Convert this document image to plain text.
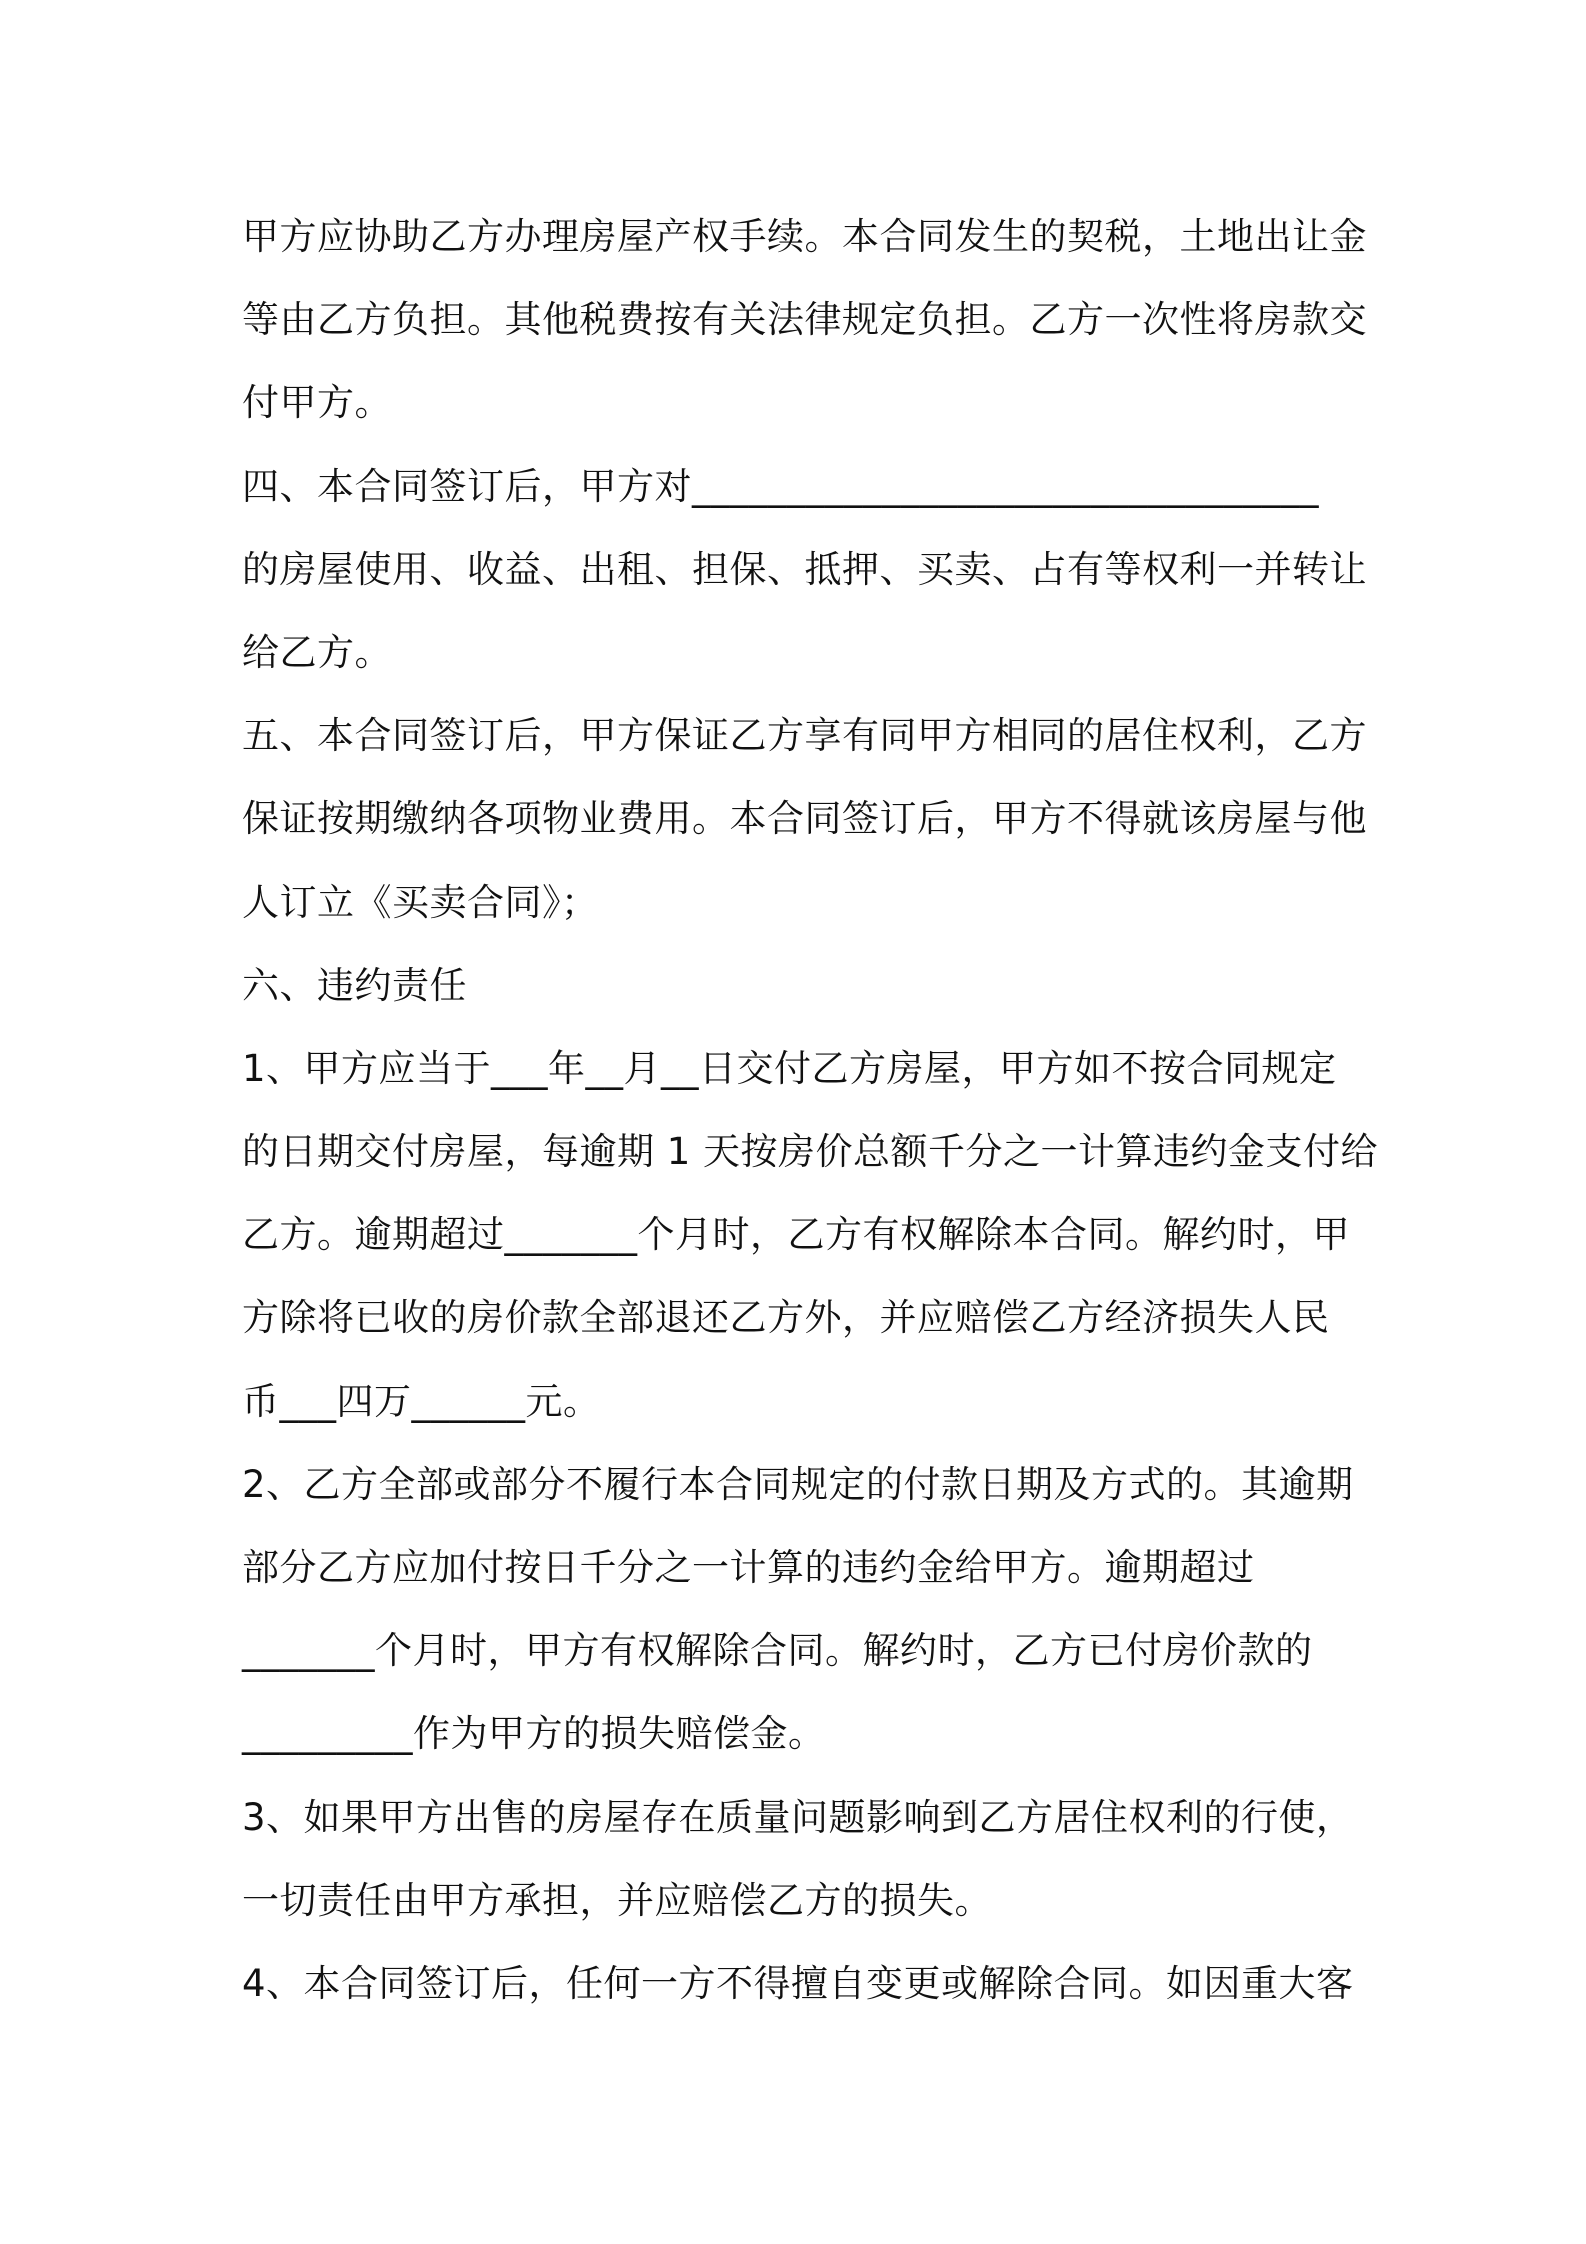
甲方应协助乙方办理房屋产权手续。本合同发生的契税，土地出让金
等由乙方负担。其他税费按有关法律规定负担。乙方一次性将房款交
付甲方。
四、本合同签订后，甲方对_________________________________
的房屋使用、收益、出租、担保、抵押、买卖、占有等权利一并转让
给乙方。
五、本合同签订后，甲方保证乙方享有同甲方相同的居住权利，乙方
保证按期缴纳各项物业费用。本合同签订后，甲方不得就该房屋与他
人订立《买卖合同》；
六、违约责任
1、甲方应当于___年__月__日交付乙方房屋，甲方如不按合同规定
的日期交付房屋，每逾期 1 天按房价总额千分之一计算违约金支付给
乙方。逾期超过_______个月时，乙方有权解除本合同。解约时，甲
方除将已收的房价款全部退还乙方外，并应赔偿乙方经济损失人民
币___四万______元。
2、乙方全部或部分不履行本合同规定的付款日期及方式的。其逾期
部分乙方应加付按日千分之一计算的违约金给甲方。逾期超过
_______个月时，甲方有权解除合同。解约时，乙方已付房价款的
_________作为甲方的损失赔偿金。
3、如果甲方出售的房屋存在质量问题影响到乙方居住权利的行使，
一切责任由甲方承担，并应赔偿乙方的损失。
4、本合同签订后，任何一方不得擅自变更或解除合同。如因重大客
